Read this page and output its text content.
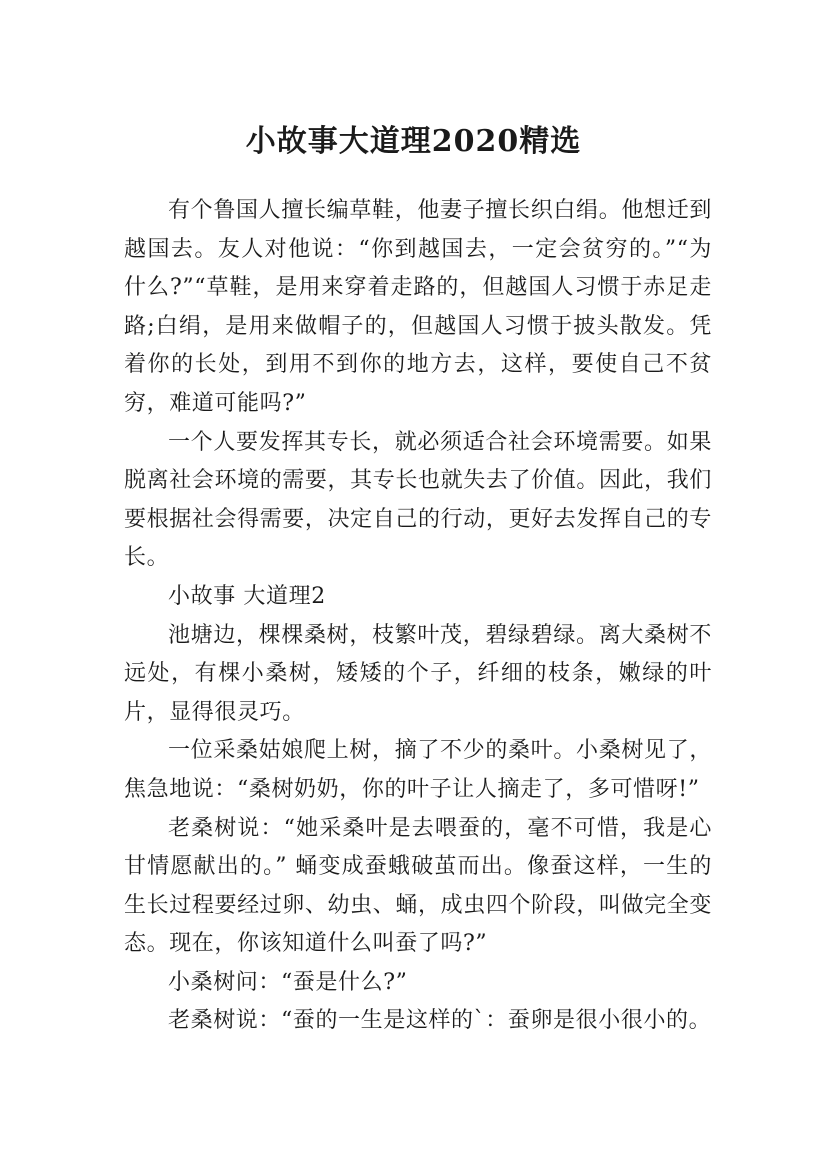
小故事大道理2020精选

有个鲁国人擅长编草鞋，他妻子擅长织白绢。他想迁到越国去。友人对他说：“你到越国去，一定会贫穷的。”“为什么?”“草鞋，是用来穿着走路的，但越国人习惯于赤足走路;白绢，是用来做帽子的，但越国人习惯于披头散发。凭着你的长处，到用不到你的地方去，这样，要使自己不贫穷，难道可能吗?”

一个人要发挥其专长，就必须适合社会环境需要。如果脱离社会环境的需要，其专长也就失去了价值。因此，我们要根据社会得需要，决定自己的行动，更好去发挥自己的专长。

小故事 大道理2

池塘边，棵棵桑树，枝繁叶茂，碧绿碧绿。离大桑树不远处，有棵小桑树，矮矮的个子，纤细的枝条，嫩绿的叶片，显得很灵巧。

一位采桑姑娘爬上树，摘了不少的桑叶。小桑树见了，焦急地说：“桑树奶奶，你的叶子让人摘走了，多可惜呀!”

老桑树说：“她采桑叶是去喂蚕的，毫不可惜，我是心甘情愿献出的。” 蛹变成蚕蛾破茧而出。像蚕这样，一生的生长过程要经过卵、幼虫、蛹，成虫四个阶段，叫做完全变态。现在，你该知道什么叫蚕了吗?”

小桑树问：“蚕是什么?”

老桑树说：“蚕的一生是这样的`：蚕卵是很小很小的。
